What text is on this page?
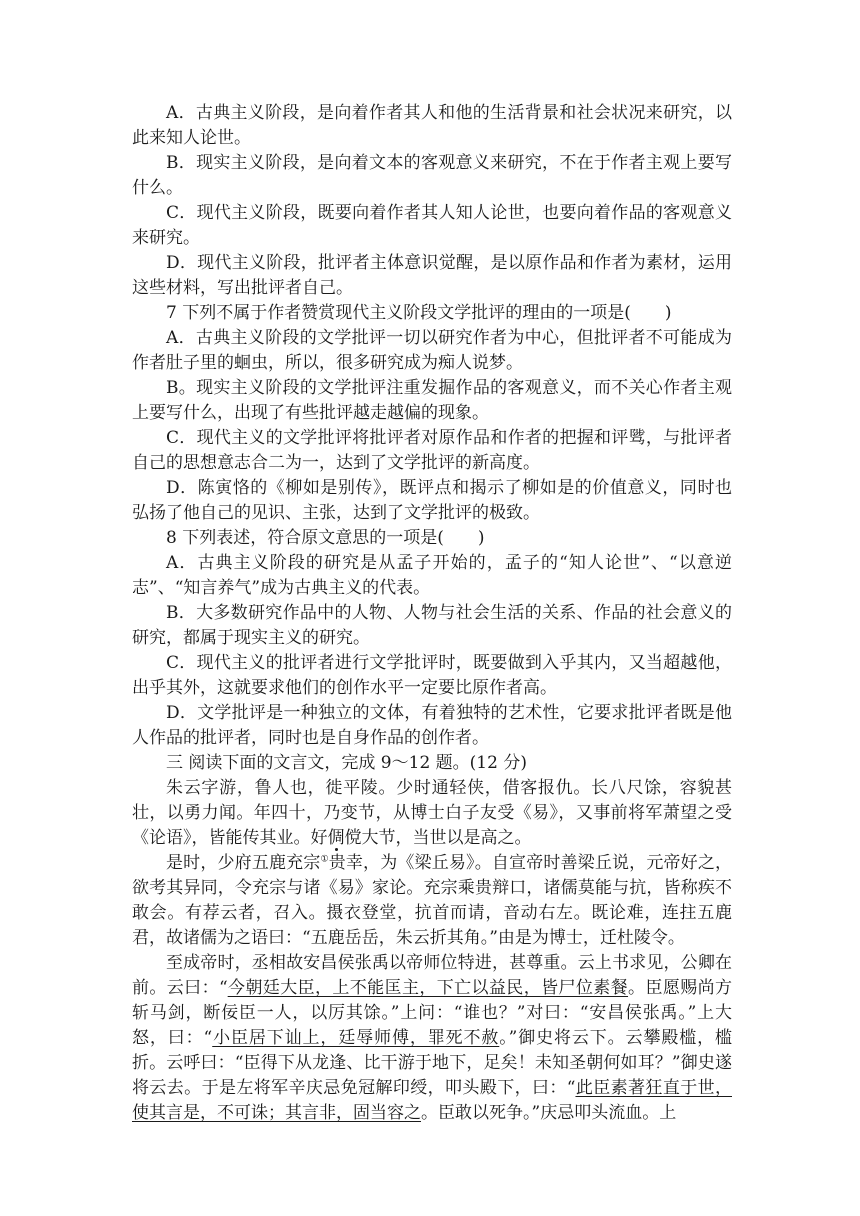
A．古典主义阶段，是向着作者其人和他的生活背景和社会状况来研究，以此来知人论世。

B．现实主义阶段，是向着文本的客观意义来研究，不在于作者主观上要写什么。

C．现代主义阶段，既要向着作者其人知人论世，也要向着作品的客观意义来研究。

D．现代主义阶段，批评者主体意识觉醒，是以原作品和作者为素材，运用这些材料，写出批评者自己。

7 下列不属于作者赞赏现代主义阶段文学批评的理由的一项是(　　)

A．古典主义阶段的文学批评一切以研究作者为中心，但批评者不可能成为作者肚子里的蛔虫，所以，很多研究成为痴人说梦。

B。现实主义阶段的文学批评注重发掘作品的客观意义，而不关心作者主观上要写什么，出现了有些批评越走越偏的现象。

C．现代主义的文学批评将批评者对原作品和作者的把握和评骘，与批评者自己的思想意志合二为一，达到了文学批评的新高度。

D．陈寅恪的《柳如是别传》，既评点和揭示了柳如是的价值意义，同时也弘扬了他自己的见识、主张，达到了文学批评的极致。

8 下列表述，符合原文意思的一项是(　　)

A．古典主义阶段的研究是从孟子开始的，孟子的“知人论世”、“以意逆志”、“知言养气”成为古典主义的代表。

B．大多数研究作品中的人物、人物与社会生活的关系、作品的社会意义的研究，都属于现实主义的研究。

C．现代主义的批评者进行文学批评时，既要做到入乎其内，又当超越他，出乎其外，这就要求他们的创作水平一定要比原作者高。

D．文学批评是一种独立的文体，有着独特的艺术性，它要求批评者既是他人作品的批评者，同时也是自身作品的创作者。

三 阅读下面的文言文，完成 9～12 题。(12 分)

朱云字游，鲁人也，徙平陵。少时通轻侠，借客报仇。长八尺馀，容貌甚壮，以勇力闻。年四十，乃变节，从博士白子友受《易》，又事前将军萧望之受《论语》，皆能传其业。好倜傥大节，当世以是高之。

是时，少府五鹿充宗①贵幸，为《梁丘易》。自宣帝时善梁丘说，元帝好之，欲考其异同，令充宗与诸《易》家论。充宗乘贵辩口，诸儒莫能与抗，皆称疾不敢会。有荐云者，召入。摄衣登堂，抗首而请，音动右左。既论难，连拄五鹿君，故诸儒为之语曰：“五鹿岳岳，朱云折其角。”由是为博士，迁杜陵令。

至成帝时，丞相故安昌侯张禹以帝师位特进，甚尊重。云上书求见，公卿在前。云曰：“今朝廷大臣，上不能匡主，下亡以益民，皆尸位素餐。臣愿赐尚方斩马剑，断佞臣一人，以厉其馀。”上问：“谁也？”对曰：“安昌侯张禹。”上大怒，曰：“小臣居下讪上，廷辱师傅，罪死不赦。”御史将云下。云攀殿槛，槛折。云呼曰：“臣得下从龙逢、比干游于地下，足矣！未知圣朝何如耳？”御史遂将云去。于是左将军辛庆忌免冠解印绶，叩头殿下，曰：“此臣素著狂直于世，使其言是，不可诛；其言非，固当容之。臣敢以死争。”庆忌叩头流血。上
